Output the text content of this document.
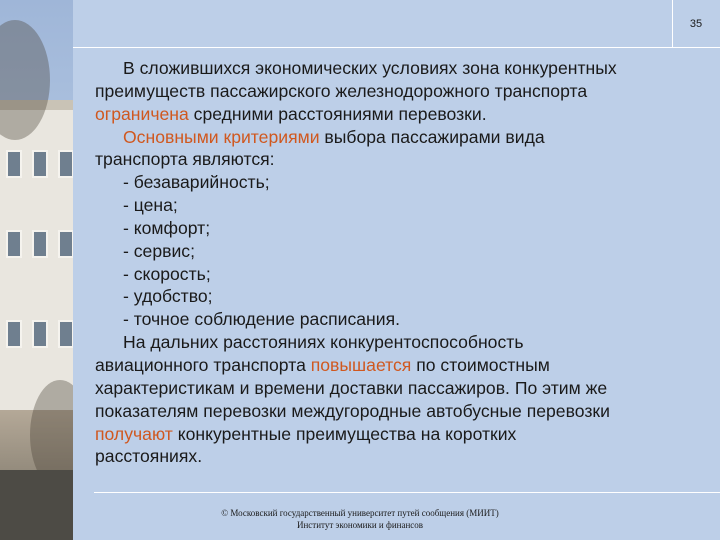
35

В сложившихся экономических условиях зона конкурентных

преимуществ пассажирского железнодорожного транспорта

ограничена средними расстояниями перевозки.

Основными критериями выбора пассажирами вида

транспорта являются:

- безаварийность;

- цена;

- комфорт;

- сервис;

- скорость;

- удобство;

- точное соблюдение расписания.

На дальних расстояниях конкурентоспособность

авиационного транспорта повышается по стоимостным

характеристикам и времени доставки пассажиров. По этим же

показателям перевозки междугородные автобусные перевозки

получают конкурентные преимущества на коротких

расстояниях.

© Московский государственный университет путей сообщения (МИИТ)
Институт экономики и финансов
